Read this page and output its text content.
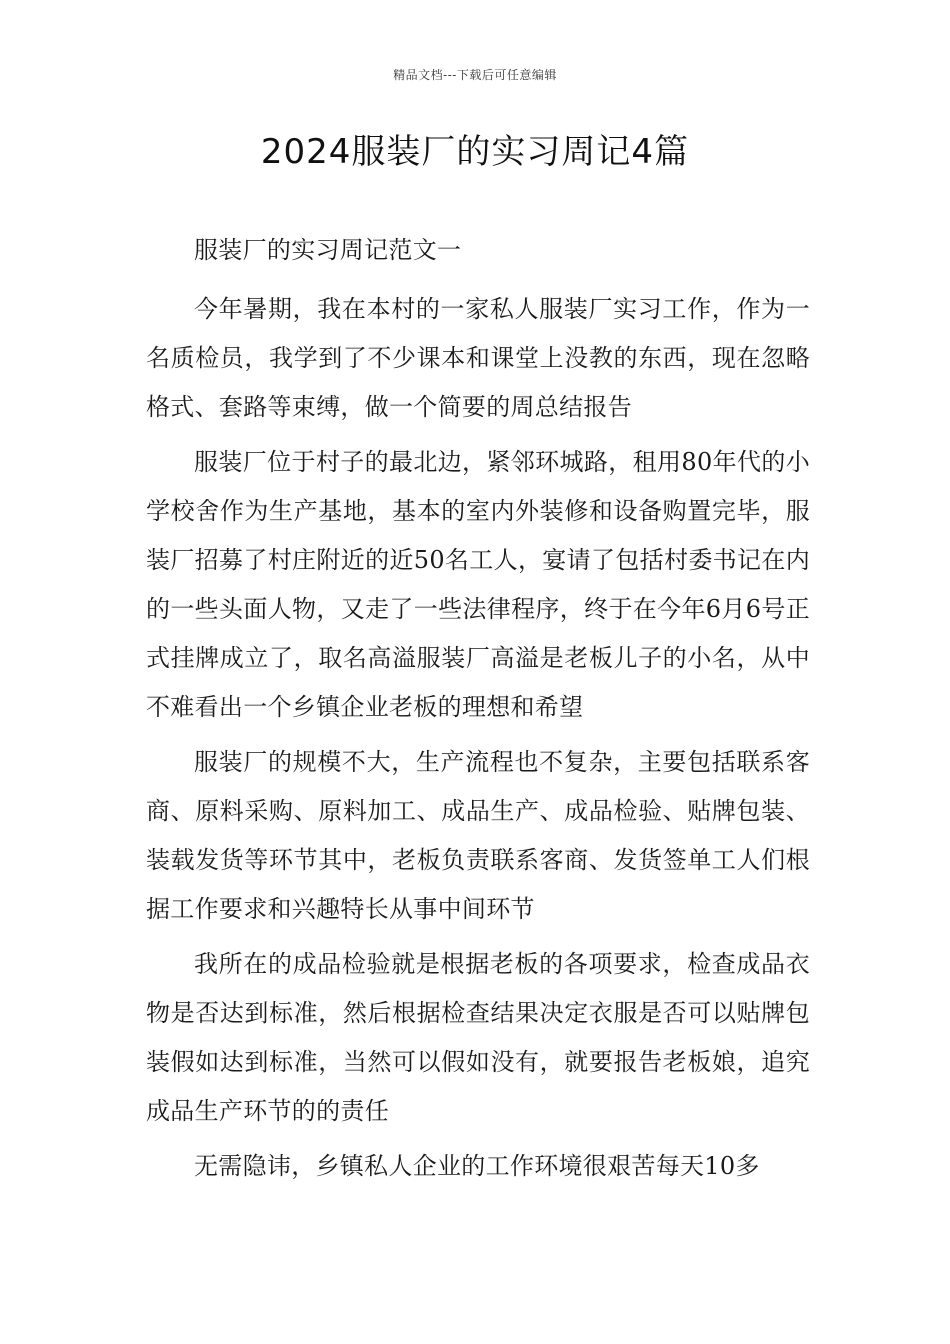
精品文档---下载后可任意编辑
2024服装厂的实习周记4篇

服装厂的实习周记范文一

今年暑期，我在本村的一家私人服装厂实习工作，作为一名质检员，我学到了不少课本和课堂上没教的东西，现在忽略格式、套路等束缚，做一个简要的周总结报告

服装厂位于村子的最北边，紧邻环城路，租用80年代的小学校舍作为生产基地，基本的室内外装修和设备购置完毕，服装厂招募了村庄附近的近50名工人，宴请了包括村委书记在内的一些头面人物，又走了一些法律程序，终于在今年6月6号正式挂牌成立了，取名高溢服装厂高溢是老板儿子的小名，从中不难看出一个乡镇企业老板的理想和希望

服装厂的规模不大，生产流程也不复杂，主要包括联系客商、原料采购、原料加工、成品生产、成品检验、贴牌包装、装载发货等环节其中，老板负责联系客商、发货签单工人们根据工作要求和兴趣特长从事中间环节

我所在的成品检验就是根据老板的各项要求，检查成品衣物是否达到标准，然后根据检查结果决定衣服是否可以贴牌包装假如达到标准，当然可以假如没有，就要报告老板娘，追究成品生产环节的的责任

无需隐讳，乡镇私人企业的工作环境很艰苦每天10多
